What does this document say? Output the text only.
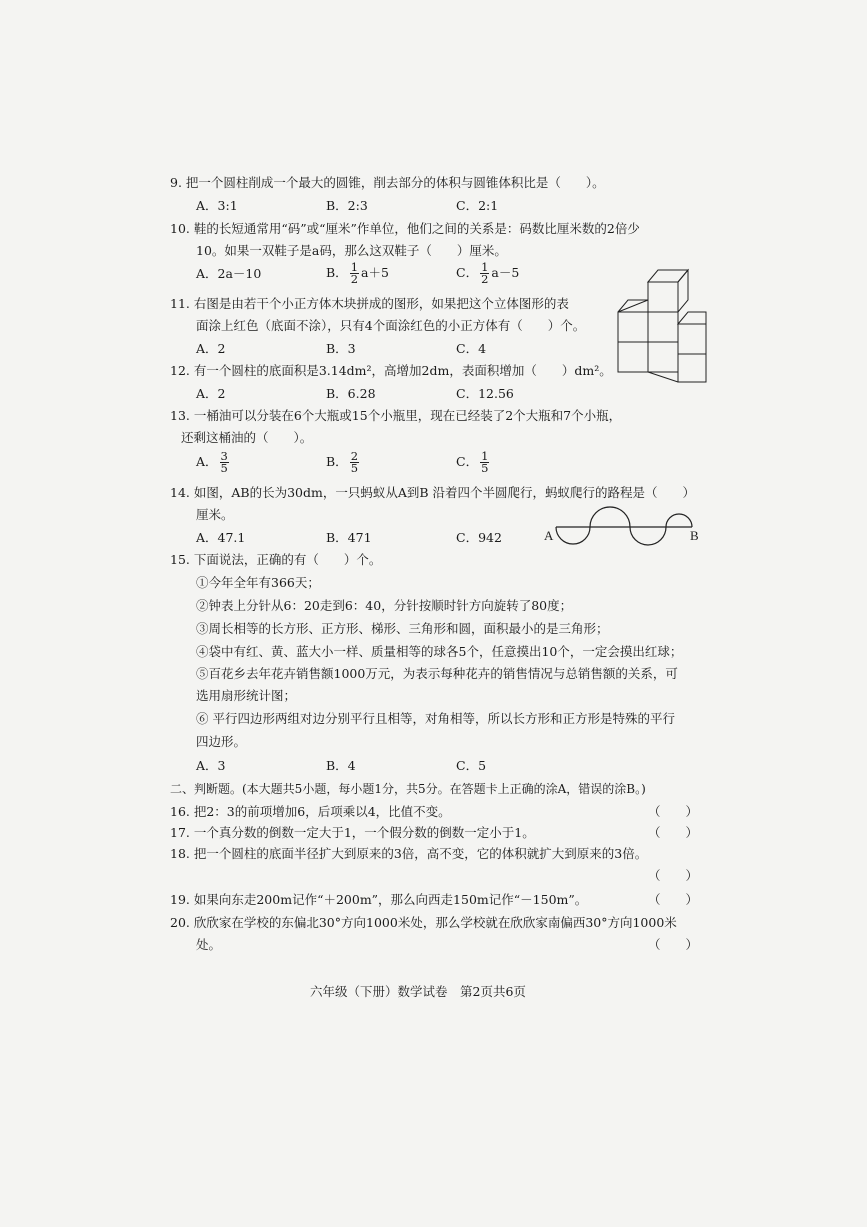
9. 把一个圆柱削成一个最大的圆锥，削去部分的体积与圆锥体积比是（　　）。
A．3:1	B．2:3	C．2:1
10. 鞋的长短通常用“码”或“厘米”作单位，他们之间的关系是：码数比厘米数的2倍少
10。如果一双鞋子是a码，那么这双鞋子（　　）厘米。
A．2a－10	B． $\frac{1}{2} a+5$	C． $\frac{1}{2} a-5$
11. 右图是由若干个小正方体木块拼成的图形，如果把这个立体图形的表
面涂上红色（底面不涂），只有4个面涂红色的小正方体有（　　）个。
A．2	B．3	C．4
12. 有一个圆柱的底面积是3.14dm²，高增加2dm，表面积增加（　　）dm²。
A．2	B．6.28	C．12.56
13. 一桶油可以分装在6个大瓶或15个小瓶里，现在已经装了2个大瓶和7个小瓶，
还剩这桶油的（　　）。
A． $\frac{3}{5}$	B． $\frac{2}{5}$	C． $\frac{1}{5}$
14. 如图，AB的长为30dm，一只蚂蚁从A到B 沿着四个半圆爬行，蚂蚁爬行的路程是（　　）
厘米。
A．47.1	B．471	C．942	A	B
15. 下面说法，正确的有（　　）个。
①今年全年有366天；
②钟表上分针从6：20走到6：40，分针按顺时针方向旋转了80度；
③周长相等的长方形、正方形、梯形、三角形和圆，面积最小的是三角形；
④袋中有红、黄、蓝大小一样、质量相等的球各5个，任意摸出10个，一定会摸出红球；
⑤百花乡去年花卉销售额1000万元，为表示每种花卉的销售情况与总销售额的关系，可
选用扇形统计图；
⑥ 平行四边形两组对边分别平行且相等，对角相等，所以长方形和正方形是特殊的平行
四边形。
A．3	B．4	C．5
二、判断题。(本大题共5小题，每小题1分，共5分。在答题卡上正确的涂A，错误的涂B。)
16. 把2：3的前项增加6，后项乘以4，比值不变。	（　　）
17. 一个真分数的倒数一定大于1，一个假分数的倒数一定小于1。	（　　）
18. 把一个圆柱的底面半径扩大到原来的3倍，高不变，它的体积就扩大到原来的3倍。
（　　）
19. 如果向东走200m记作“＋200m”，那么向西走150m记作“－150m”。	（　　）
20. 欣欣家在学校的东偏北30°方向1000米处，那么学校就在欣欣家南偏西30°方向1000米
处。	（　　）
六年级（下册）数学试卷　第2页共6页
